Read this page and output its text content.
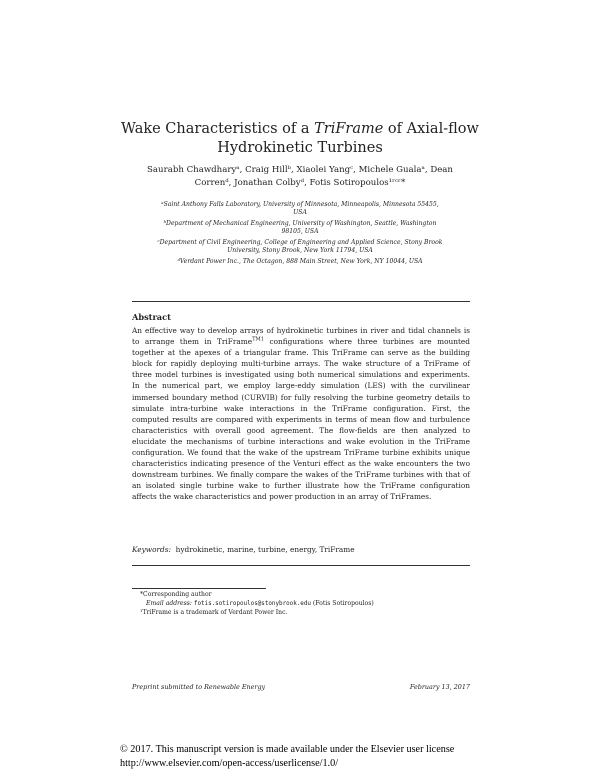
Wake Characteristics of a TriFrame of Axial-flow
Hydrokinetic Turbines
Saurabh Chawdharyᵃ, Craig Hillᵇ, Xiaolei Yangᶜ, Michele Gualaᵃ, Dean
Correnᵈ, Jonathan Colbyᵈ, Fotis Sotiropoulos¹ʳᶜʳ*
ᵃSaint Anthony Falls Laboratory, University of Minnesota, Minneapolis, Minnesota 55455,
USA
ᵇDepartment of Mechanical Engineering, University of Washington, Seattle, Washington
98105, USA
ᶜDepartment of Civil Engineering, College of Engineering and Applied Science, Stony Brook
University, Stony Brook, New York 11794, USA
ᵈVerdant Power Inc., The Octagon, 888 Main Street, New York, NY 10044, USA
Abstract
An effective way to develop arrays of hydrokinetic turbines in river and tidal channels is to arrange them in TriFrame$^{TM1}$ configurations where three turbines are mounted together at the apexes of a triangular frame. This TriFrame can serve as the building block for rapidly deploying multi-turbine arrays. The wake structure of a TriFrame of three model turbines is investigated using both numerical simulations and experiments. In the numerical part, we employ large-eddy simulation (LES) with the curvilinear immersed boundary method (CURVIB) for fully resolving the turbine geometry details to simulate intra-turbine wake interactions in the TriFrame configuration. First, the computed results are compared with experiments in terms of mean flow and turbulence characteristics with overall good agreement. The flow-fields are then analyzed to elucidate the mechanisms of turbine interactions and wake evolution in the TriFrame configuration. We found that the wake of the upstream TriFrame turbine exhibits unique characteristics indicating presence of the Venturi effect as the wake encounters the two downstream turbines. We finally compare the wakes of the TriFrame turbines with that of an isolated single turbine wake to further illustrate how the TriFrame configuration affects the wake characteristics and power production in an array of TriFrames.
Keywords: hydrokinetic, marine, turbine, energy, TriFrame
*Corresponding author
Email address: fotis.sotiropoulos@stonybrook.edu (Fotis Sotiropoulos)
¹TriFrame is a trademark of Verdant Power Inc.
Preprint submitted to Renewable Energy	February 13, 2017
© 2017. This manuscript version is made available under the Elsevier user license
http://www.elsevier.com/open-access/userlicense/1.0/
